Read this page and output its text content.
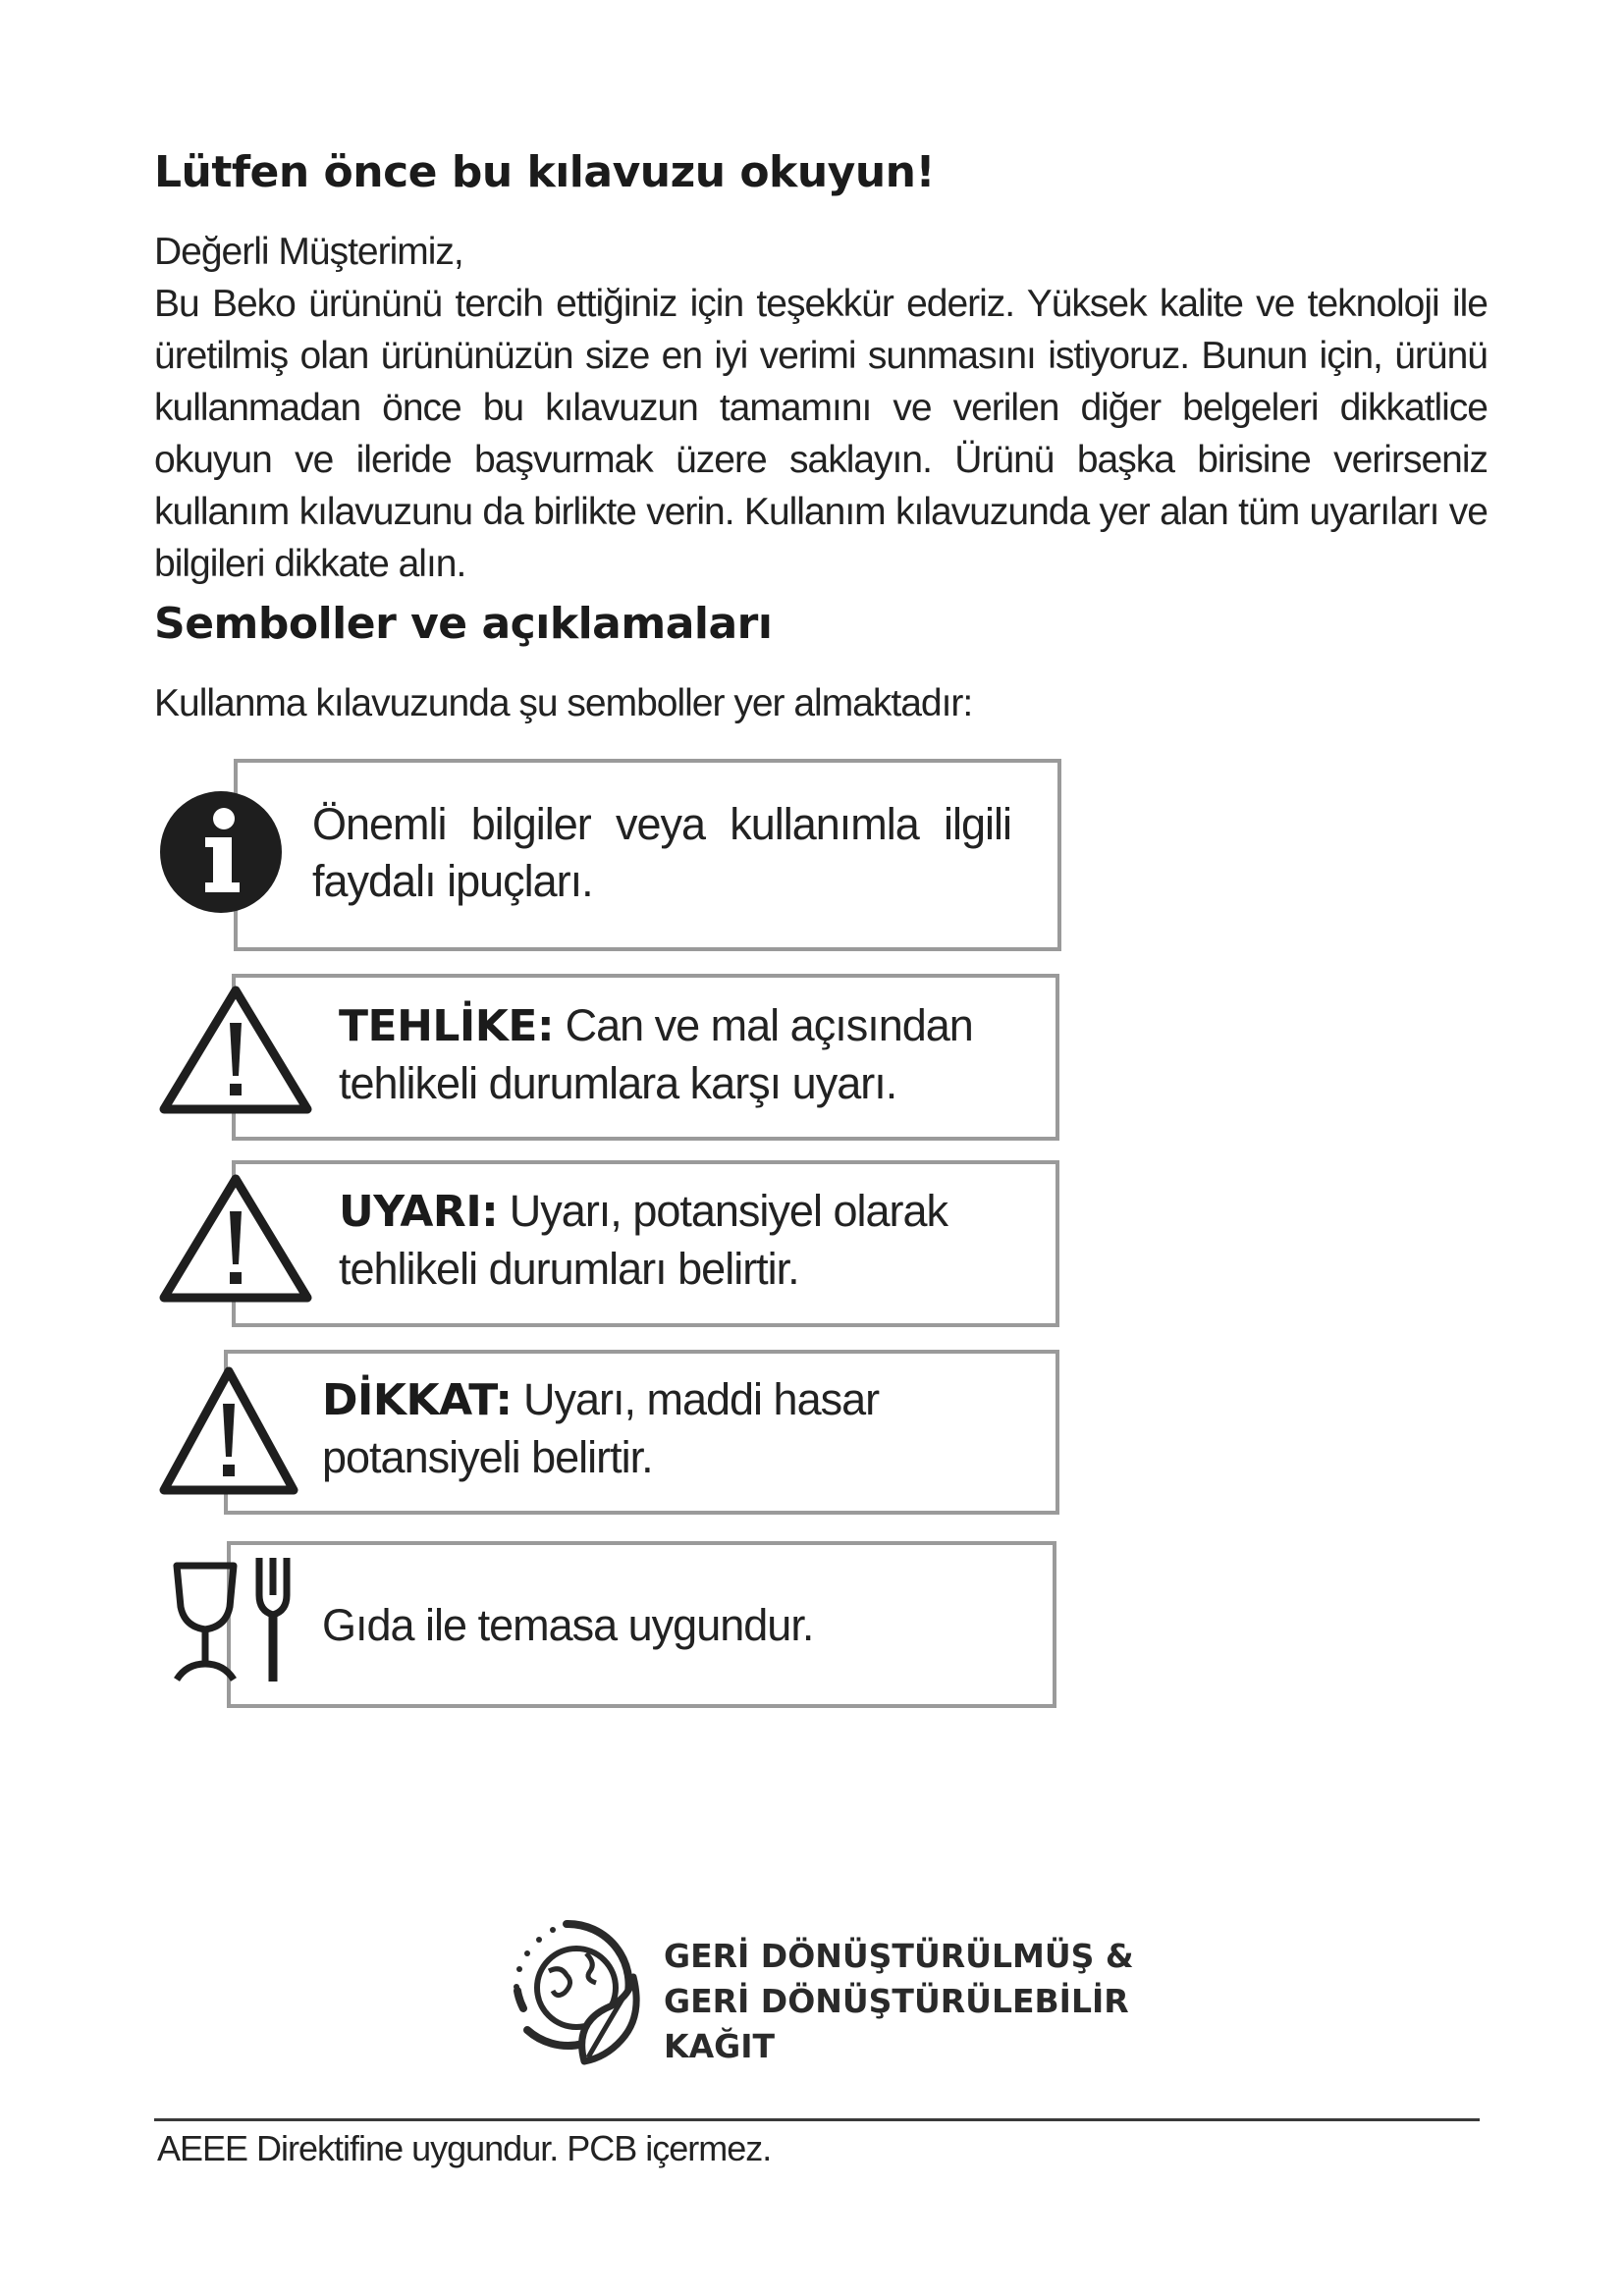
Lütfen önce bu kılavuzu okuyun!

Değerli Müşterimiz,

Bu Beko ürününü tercih ettiğiniz için teşekkür ederiz. Yüksek kalite ve teknoloji ile üretilmiş olan ürününüzün size en iyi verimi sunmasını istiyoruz. Bunun için, ürünü kullanmadan önce bu kılavuzun tamamını ve verilen diğer belgeleri dikkatlice okuyun ve ileride başvurmak üzere saklayın. Ürünü başka birisine verirseniz kullanım kılavuzunu da birlikte verin. Kullanım kılavuzunda yer alan tüm uyarıları ve bilgileri dikkate alın.

Semboller ve açıklamaları
Kullanma kılavuzunda şu semboller yer almaktadır:
Önemli bilgiler veya kullanımla ilgili faydalı ipuçları.
TEHLİKE: Can ve mal açısından
tehlikeli durumlara karşı uyarı.
UYARI: Uyarı, potansiyel olarak
tehlikeli durumları belirtir.
DİKKAT: Uyarı, maddi hasar
potansiyeli belirtir.
Gıda ile temasa uygundur.
GERİ DÖNÜŞTÜRÜLMÜŞ &
GERİ DÖNÜŞTÜRÜLEBİLİR
KAĞIT
AEEE Direktifine uygundur. PCB içermez.
